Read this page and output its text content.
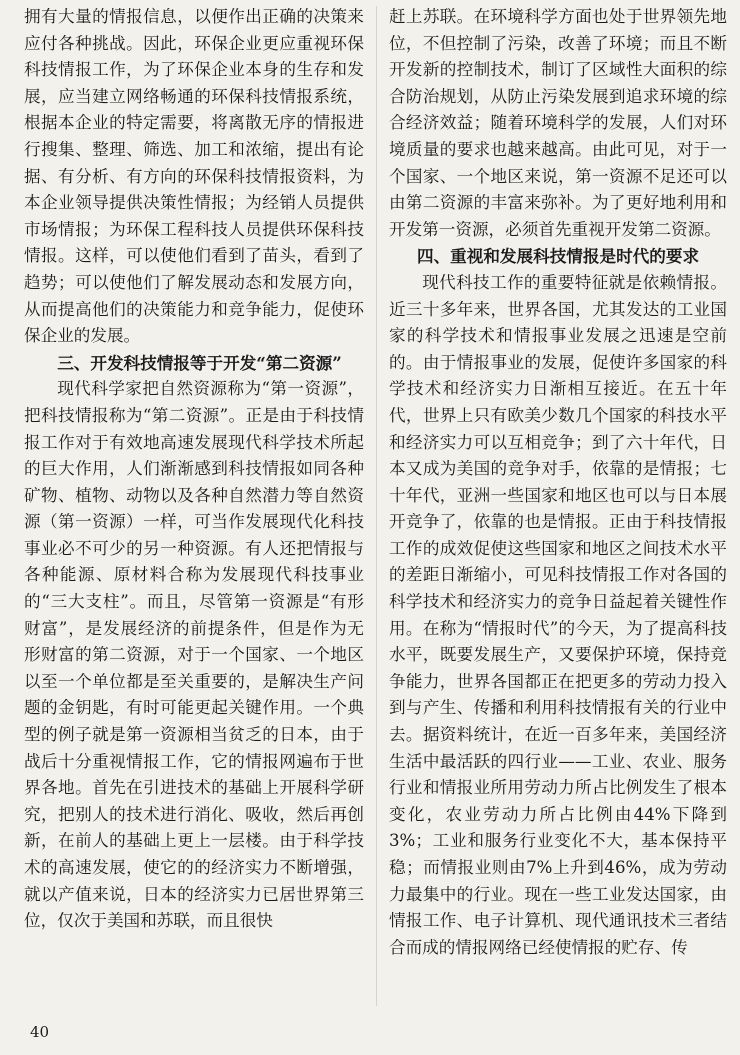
拥有大量的情报信息，以便作出正确的决策来应付各种挑战。因此，环保企业更应重视环保科技情报工作，为了环保企业本身的生存和发展，应当建立网络畅通的环保科技情报系统，根据本企业的特定需要，将离散无序的情报进行搜集、整理、筛选、加工和浓缩，提出有论据、有分析、有方向的环保科技情报资料，为本企业领导提供决策性情报；为经销人员提供市场情报；为环保工程科技人员提供环保科技情报。这样，可以使他们看到了苗头，看到了趋势；可以使他们了解发展动态和发展方向，从而提高他们的决策能力和竞争能力，促使环保企业的发展。

三、开发科技情报等于开发“第二资源”

现代科学家把自然资源称为“第一资源”，把科技情报称为“第二资源”。正是由于科技情报工作对于有效地高速发展现代科学技术所起的巨大作用，人们渐渐感到科技情报如同各种矿物、植物、动物以及各种自然潜力等自然资源（第一资源）一样，可当作发展现代化科技事业必不可少的另一种资源。有人还把情报与各种能源、原材料合称为发展现代科技事业的“三大支柱”。而且，尽管第一资源是“有形财富”，是发展经济的前提条件，但是作为无形财富的第二资源，对于一个国家、一个地区以至一个单位都是至关重要的，是解决生产问题的金钥匙，有时可能更起关键作用。一个典型的例子就是第一资源相当贫乏的日本，由于战后十分重视情报工作，它的情报网遍布于世界各地。首先在引进技术的基础上开展科学研究，把别人的技术进行消化、吸收，然后再创新，在前人的基础上更上一层楼。由于科学技术的高速发展，使它的的经济实力不断增强，就以产值来说，日本的经济实力已居世界第三位，仅次于美国和苏联，而且很快

赶上苏联。在环境科学方面也处于世界领先地位，不但控制了污染，改善了环境；而且不断开发新的控制技术，制订了区域性大面积的综合防治规划，从防止污染发展到追求环境的综合经济效益；随着环境科学的发展，人们对环境质量的要求也越来越高。由此可见，对于一个国家、一个地区来说，第一资源不足还可以由第二资源的丰富来弥补。为了更好地利用和开发第一资源，必须首先重视开发第二资源。

四、重视和发展科技情报是时代的要求

现代科技工作的重要特征就是依赖情报。近三十多年来，世界各国，尤其发达的工业国家的科学技术和情报事业发展之迅速是空前的。由于情报事业的发展，促使许多国家的科学技术和经济实力日渐相互接近。在五十年代，世界上只有欧美少数几个国家的科技水平和经济实力可以互相竞争；到了六十年代，日本又成为美国的竞争对手，依靠的是情报；七十年代，亚洲一些国家和地区也可以与日本展开竞争了，依靠的也是情报。正由于科技情报工作的成效促使这些国家和地区之间技术水平的差距日渐缩小，可见科技情报工作对各国的科学技术和经济实力的竞争日益起着关键性作用。在称为“情报时代”的今天，为了提高科技水平，既要发展生产，又要保护环境，保持竞争能力，世界各国都正在把更多的劳动力投入到与产生、传播和利用科技情报有关的行业中去。据资料统计，在近一百多年来，美国经济生活中最活跃的四行业——工业、农业、服务行业和情报业所用劳动力所占比例发生了根本变化，农业劳动力所占比例由44%下降到3%；工业和服务行业变化不大，基本保持平稳；而情报业则由7%上升到46%，成为劳动力最集中的行业。现在一些工业发达国家，由情报工作、电子计算机、现代通讯技术三者结合而成的情报网络已经使情报的贮存、传

40
